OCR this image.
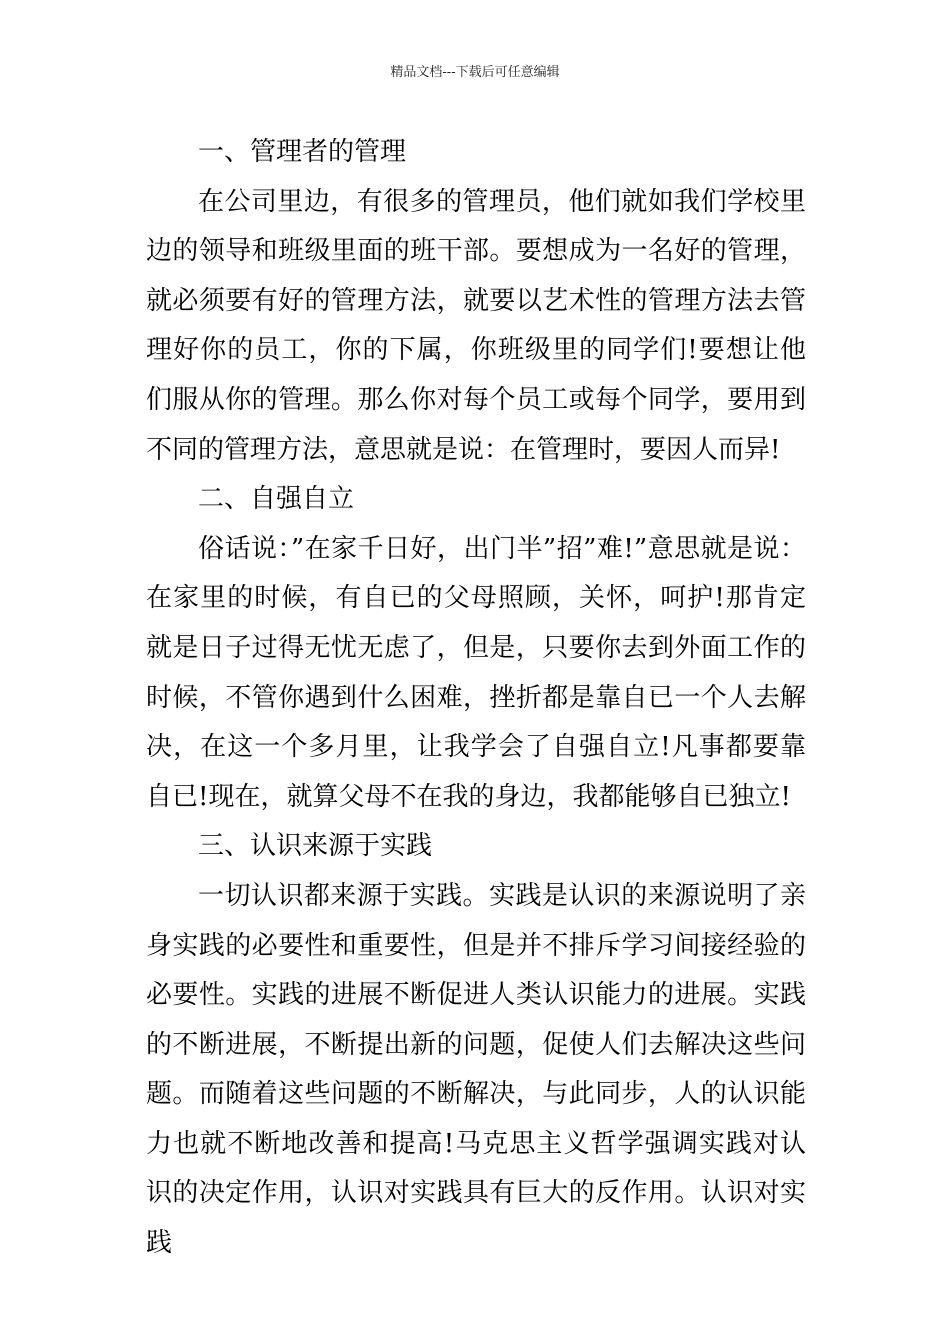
精品文档---下载后可任意编辑

一、管理者的管理

在公司里边，有很多的管理员，他们就如我们学校里边的领导和班级里面的班干部。要想成为一名好的管理，就必须要有好的管理方法，就要以艺术性的管理方法去管理好你的员工，你的下属，你班级里的同学们!要想让他们服从你的管理。那么你对每个员工或每个同学，要用到不同的管理方法，意思就是说：在管理时，要因人而异!

二、自强自立

俗话说：”在家千日好，出门半”招”难!”意思就是说：在家里的时候，有自已的父母照顾，关怀，呵护!那肯定就是日子过得无忧无虑了，但是，只要你去到外面工作的时候，不管你遇到什么困难，挫折都是靠自已一个人去解决，在这一个多月里，让我学会了自强自立!凡事都要靠自已!现在，就算父母不在我的身边，我都能够自已独立!

三、认识来源于实践

一切认识都来源于实践。实践是认识的来源说明了亲身实践的必要性和重要性，但是并不排斥学习间接经验的必要性。实践的进展不断促进人类认识能力的进展。实践的不断进展，不断提出新的问题，促使人们去解决这些问题。而随着这些问题的不断解决，与此同步，人的认识能力也就不断地改善和提高!马克思主义哲学强调实践对认识的决定作用，认识对实践具有巨大的反作用。认识对实践
